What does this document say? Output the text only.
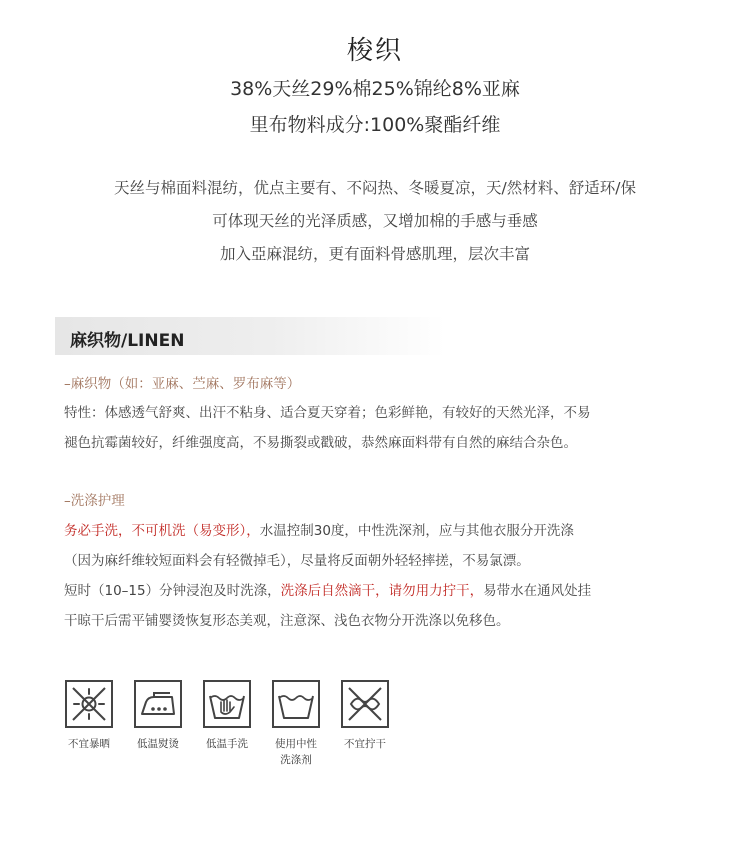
梭织
38%天丝29%棉25%锦纶8%亚麻
里布物料成分:100%聚酯纤维
天丝与棉面料混纺，优点主要有、不闷热、冬暖夏凉，天/然材料、舒适环/保
可体现天丝的光泽质感，又增加棉的手感与垂感
加入亞麻混纺，更有面料骨感肌理，层次丰富
麻织物/LINEN
–麻织物（如：亚麻、苎麻、罗布麻等）
特性：体感透气舒爽、出汗不粘身、适合夏天穿着；色彩鲜艳，有较好的天然光泽，不易
褪色抗霉菌较好，纤维强度高，不易撕裂或戳破，恭然麻面料带有自然的麻结合杂色。
–洗涤护理
务必手洗，不可机洗（易变形），水温控制30度，中性洗深剂，应与其他衣服分开洗涤
（因为麻纤维较短面料会有轻微掉毛），尽量将反面朝外轻轻摔搓，不易氯漂。
短时（10–15）分钟浸泡及时洗涤，洗涤后自然滴干，请勿用力拧干，易带水在通风处挂
干晾干后需平铺婴烫恢复形态美观，注意深、浅色衣物分开洗涤以免移色。
不宜暴晒	低温熨烫	低温手洗	使用中性
洗涤剂
不宜拧干
